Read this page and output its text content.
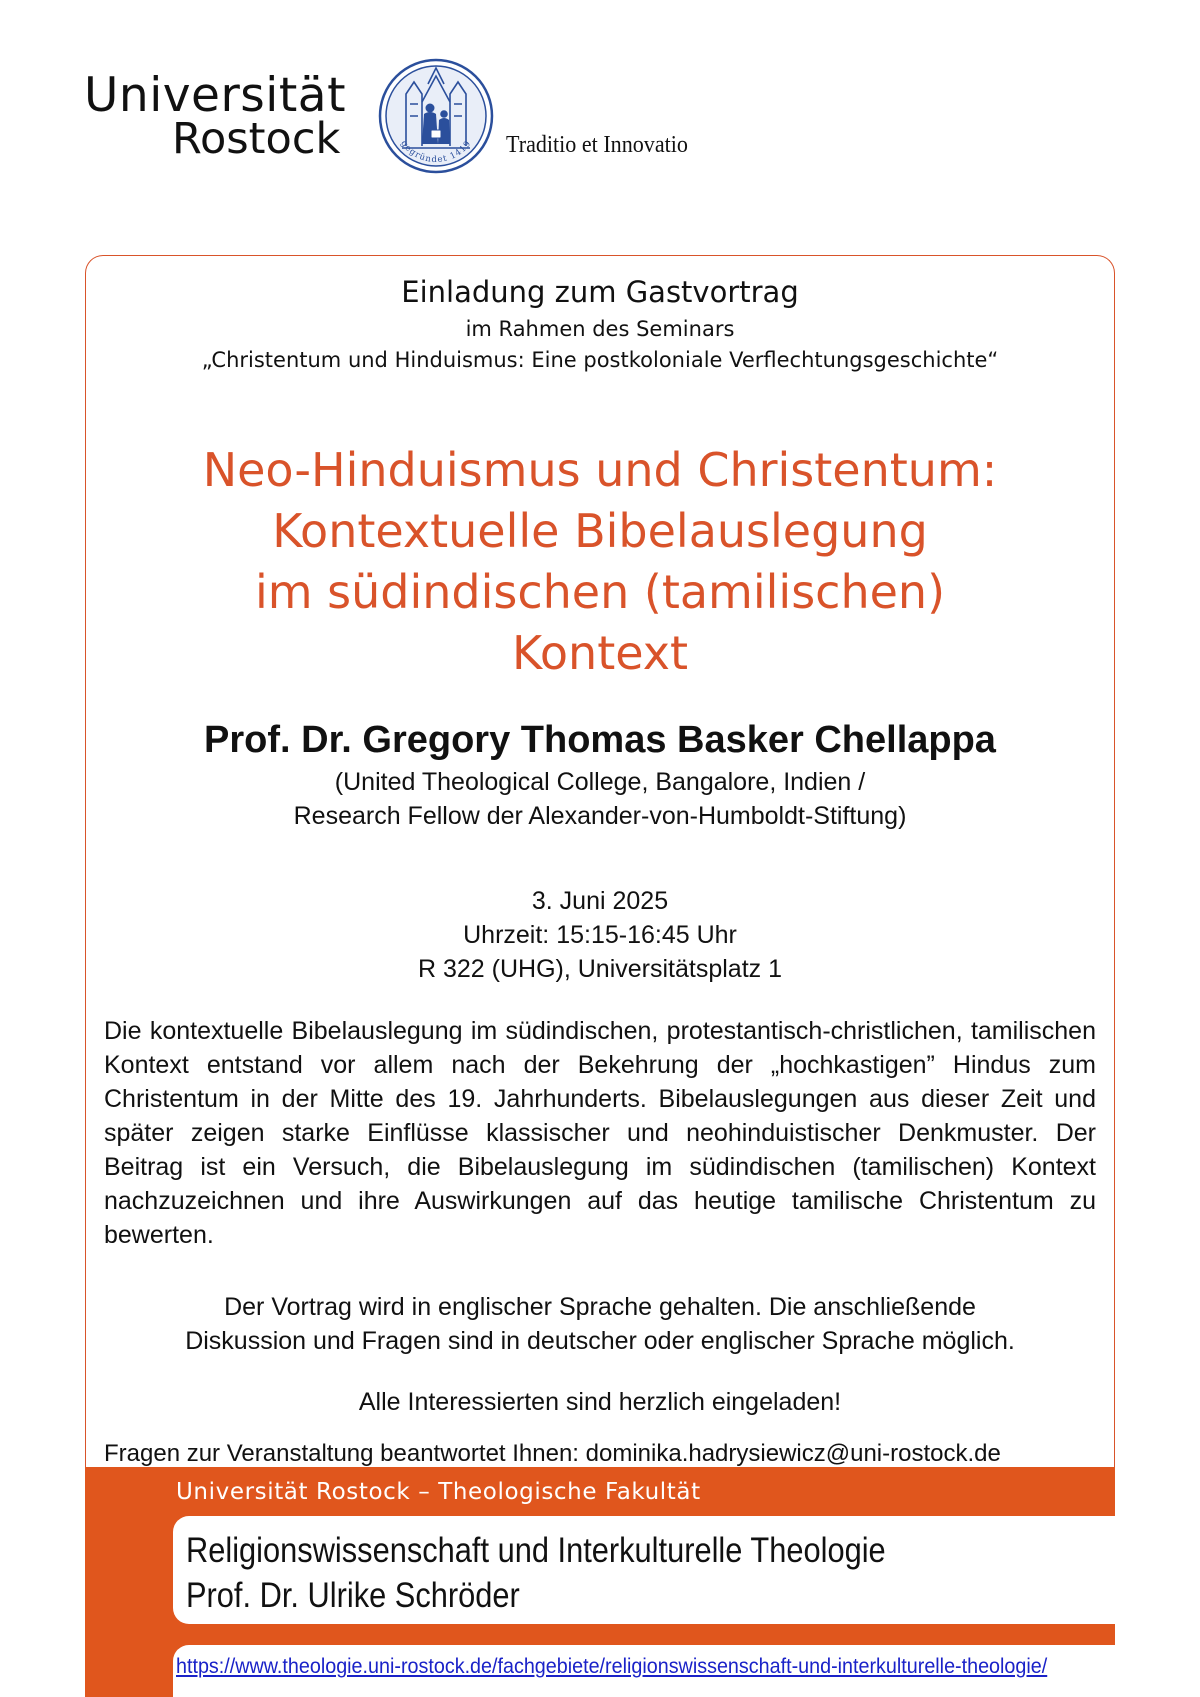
Universität

Rostock	gegründet 1419 Traditio et Innovatio

Einladung zum Gastvortrag

im Rahmen des Seminars

„Christentum und Hinduismus: Eine postkoloniale Verflechtungsgeschichte“

Neo-Hinduismus und Christentum:
Kontextuelle Bibelauslegung
im südindischen (tamilischen)
Kontext

Prof. Dr. Gregory Thomas Basker Chellappa

(United Theological College, Bangalore, Indien /
Research Fellow der Alexander-von-Humboldt-Stiftung)

3. Juni 2025
Uhrzeit: 15:15-16:45 Uhr
R 322 (UHG), Universitätsplatz 1

Die kontextuelle Bibelauslegung im südindischen, protestantisch-christlichen, tamilischen Kontext entstand vor allem nach der Bekehrung der „hochkastigen” Hindus zum Christentum in der Mitte des 19. Jahrhunderts. Bibelauslegungen aus dieser Zeit und später zeigen starke Einflüsse klassischer und neohinduistischer Denkmuster. Der Beitrag ist ein Versuch, die Bibelauslegung im südindischen (tamilischen) Kontext nachzuzeichnen und ihre Auswirkungen auf das heutige tamilische Christentum zu bewerten.

Der Vortrag wird in englischer Sprache gehalten. Die anschließende
Diskussion und Fragen sind in deutscher oder englischer Sprache möglich.

Alle Interessierten sind herzlich eingeladen!

Fragen zur Veranstaltung beantwortet Ihnen: dominika.hadrysiewicz@uni-rostock.de

Universität Rostock – Theologische Fakultät

Religionswissenschaft und Interkulturelle Theologie

Prof. Dr. Ulrike Schröder

https://www.theologie.uni-rostock.de/fachgebiete/religionswissenschaft-und-interkulturelle-theologie/
